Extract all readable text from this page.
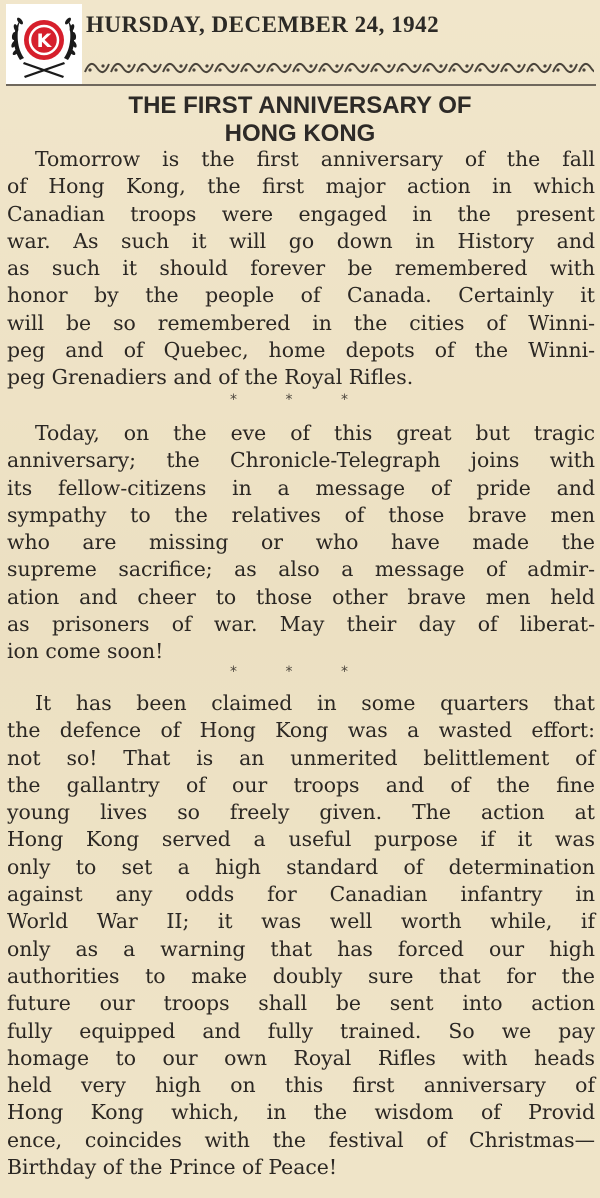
K
HURSDAY, DECEMBER 24, 1942
THE FIRST ANNIVERSARY OF
HONG KONG
Tomorrow is the first anniversary of the fall
of Hong Kong, the first major action in which
Canadian troops were engaged in the present
war. As such it will go down in History and
as such it should forever be remembered with
honor by the people of Canada. Certainly it
will be so remembered in the cities of Winni-
peg and of Quebec, home depots of the Winni-
peg Grenadiers and of the Royal Rifles.
* * *
Today, on the eve of this great but tragic
anniversary; the Chronicle-Telegraph joins with
its fellow-citizens in a message of pride and
sympathy to the relatives of those brave men
who are missing or who have made the
supreme sacrifice; as also a message of admir-
ation and cheer to those other brave men held
as prisoners of war. May their day of liberat-
ion come soon!
* * *
It has been claimed in some quarters that
the defence of Hong Kong was a wasted effort:
not so! That is an unmerited belittlement of
the gallantry of our troops and of the fine
young lives so freely given. The action at
Hong Kong served a useful purpose if it was
only to set a high standard of determination
against any odds for Canadian infantry in
World War II; it was well worth while, if
only as a warning that has forced our high
authorities to make doubly sure that for the
future our troops shall be sent into action
fully equipped and fully trained. So we pay
homage to our own Royal Rifles with heads
held very high on this first anniversary of
Hong Kong which, in the wisdom of Provid
ence, coincides with the festival of Christmas—
Birthday of the Prince of Peace!
